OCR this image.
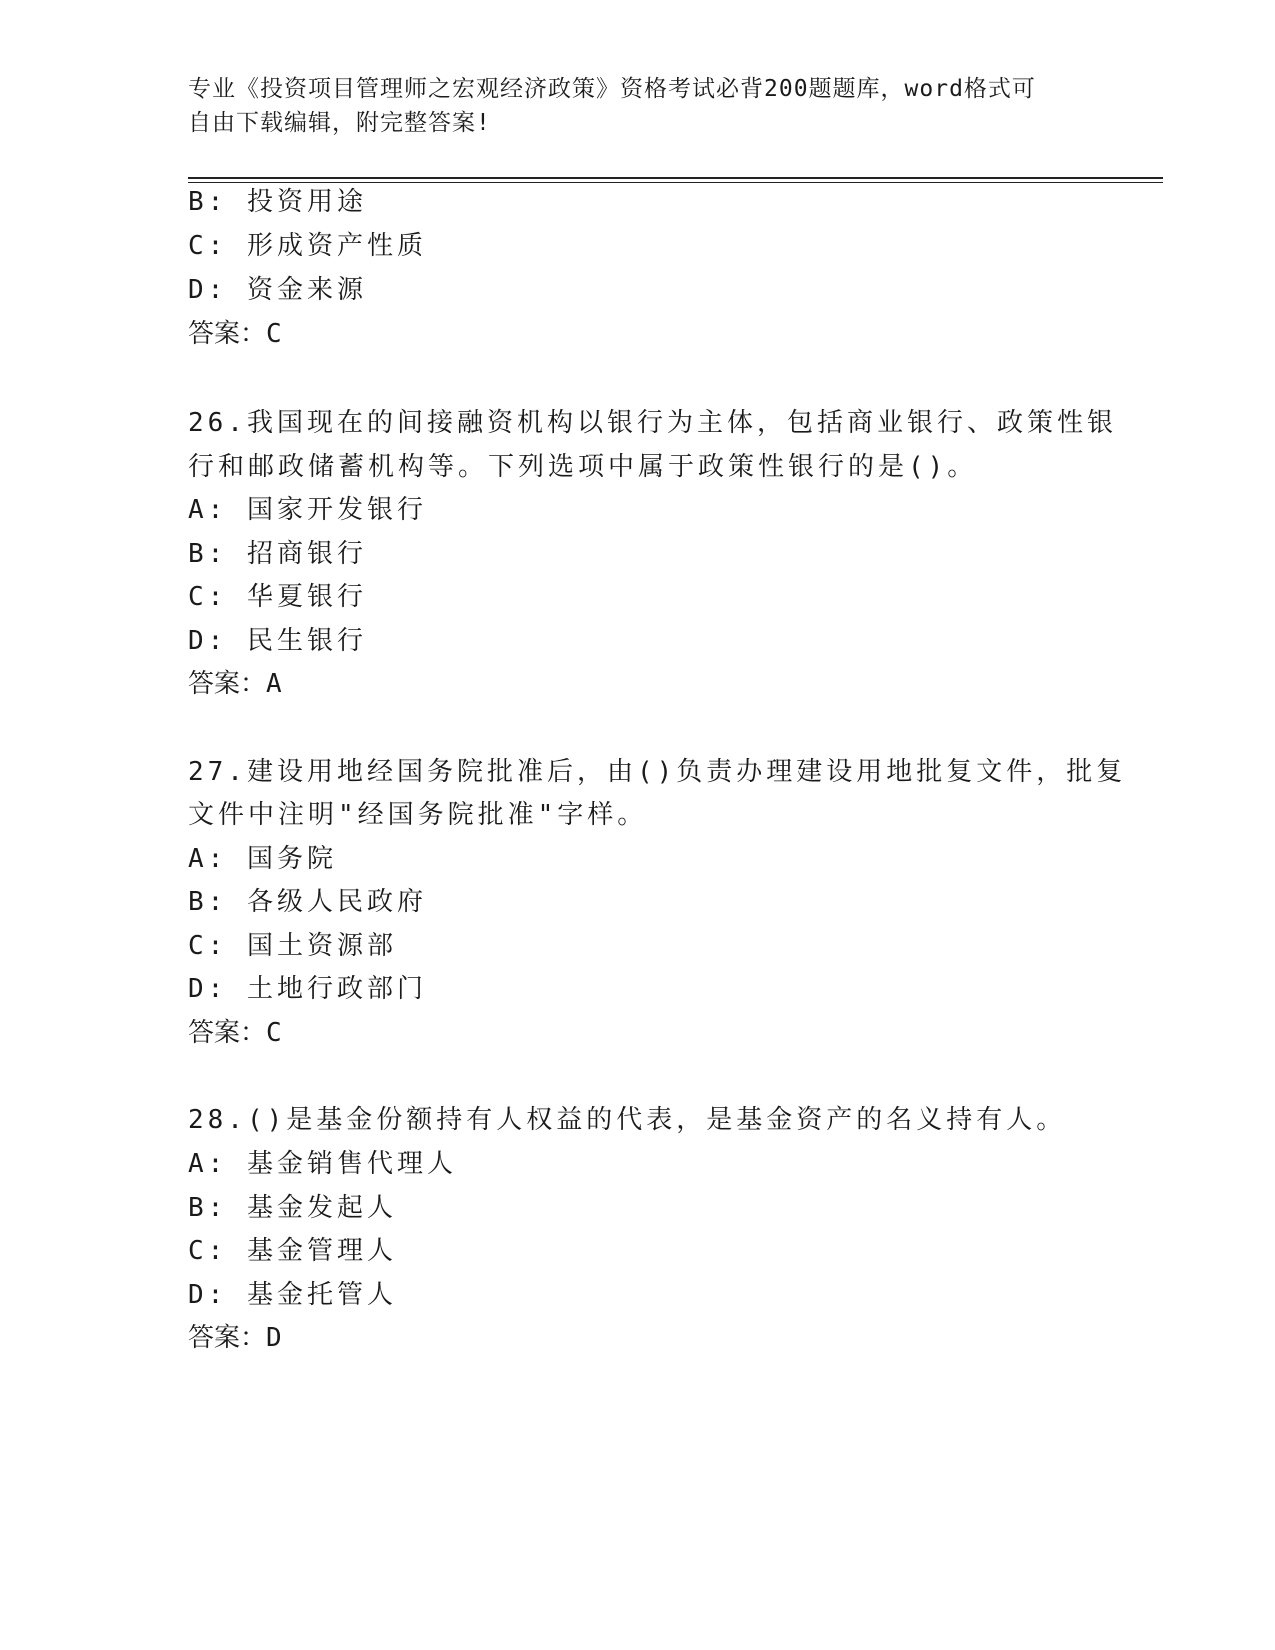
专业《投资项目管理师之宏观经济政策》资格考试必背200题题库，word格式可
自由下载编辑，附完整答案!
B: 投资用途
C: 形成资产性质
D: 资金来源
答案：C
26.我国现在的间接融资机构以银行为主体，包括商业银行、政策性银
行和邮政储蓄机构等。下列选项中属于政策性银行的是()。
A: 国家开发银行
B: 招商银行
C: 华夏银行
D: 民生银行
答案：A
27.建设用地经国务院批准后，由()负责办理建设用地批复文件，批复
文件中注明"经国务院批准"字样。
A: 国务院
B: 各级人民政府
C: 国土资源部
D: 土地行政部门
答案：C
28.()是基金份额持有人权益的代表，是基金资产的名义持有人。
A: 基金销售代理人
B: 基金发起人
C: 基金管理人
D: 基金托管人
答案：D
